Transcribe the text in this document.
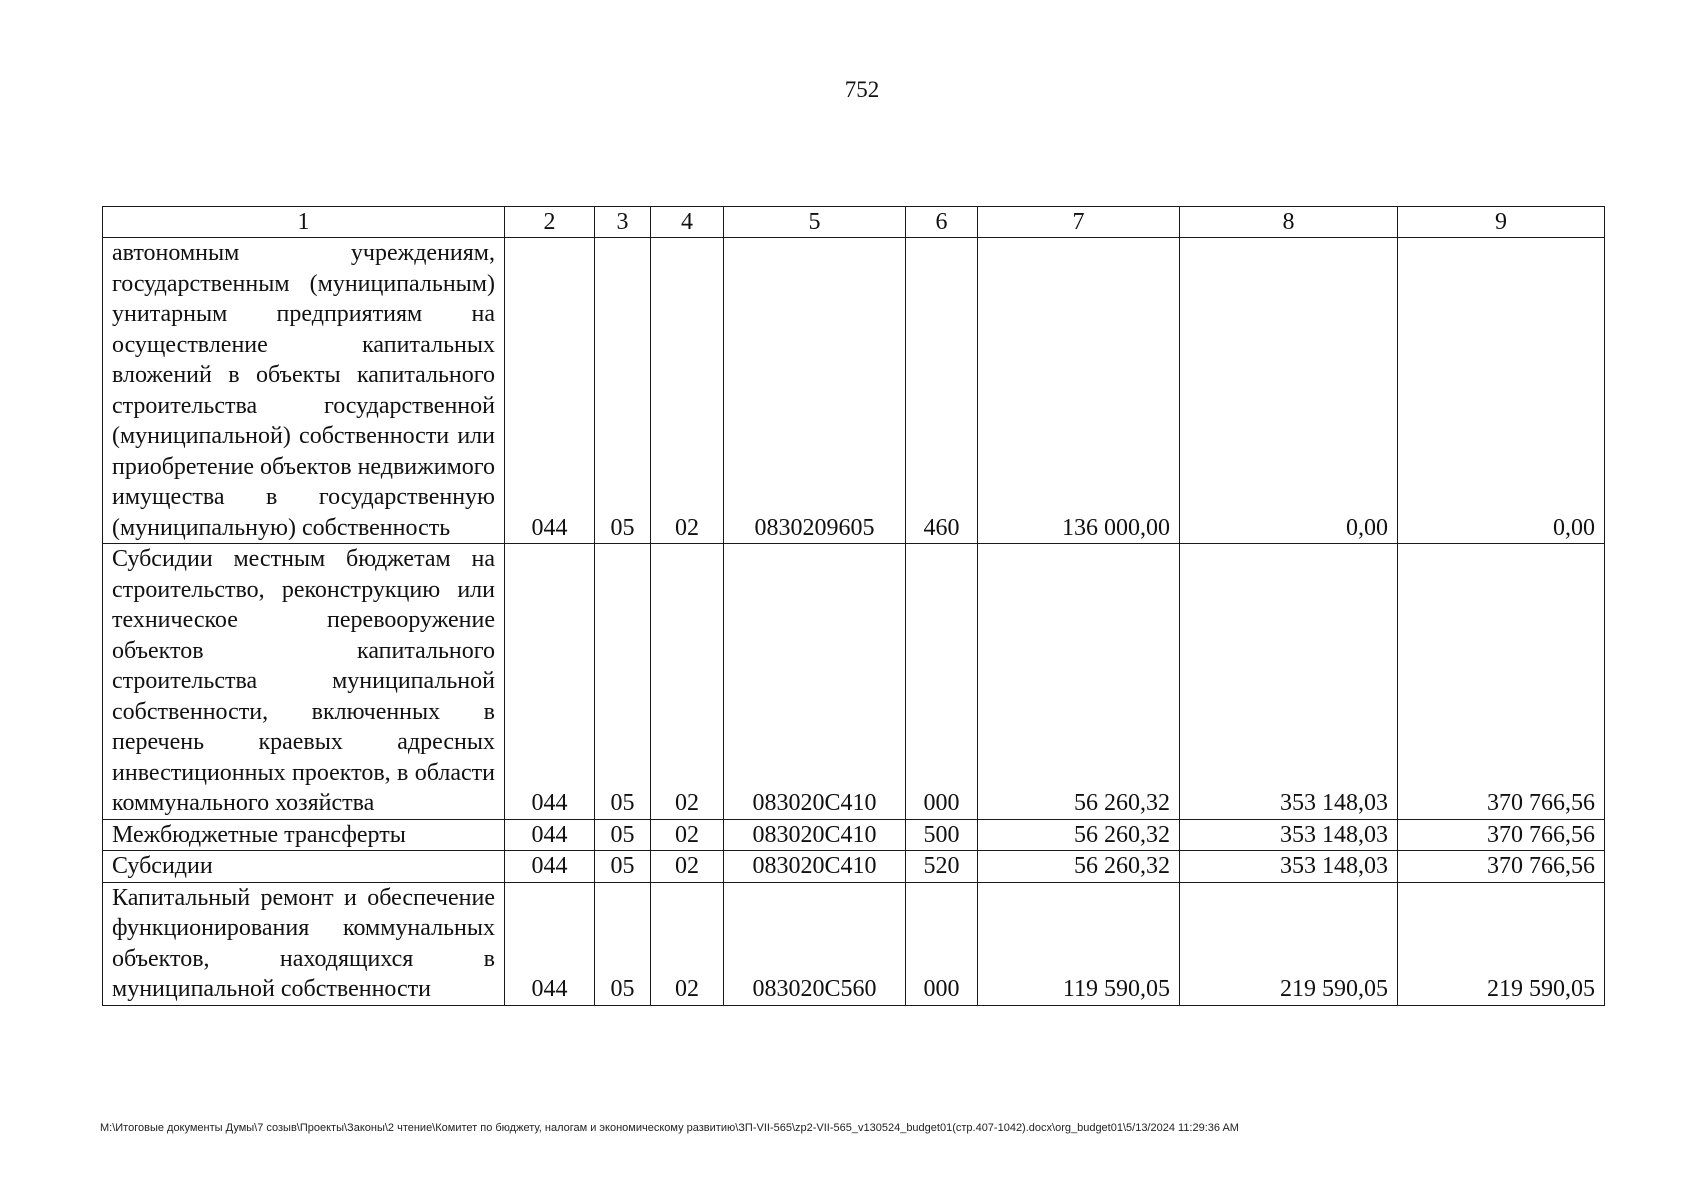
752
1	2	3	4	5	6	7	8	9
автономным учреждениям, государственным (муниципальным) унитарным предприятиям на осуществление капитальных вложений в объекты капитального строительства государственной (муниципальной) собственности или приобретение объектов недвижимого имущества в государственную (муниципальную) собственность	044	05	02	0830209605	460	136 000,00	0,00	0,00
Субсидии местным бюджетам на строительство, реконструкцию или техническое перевооружение объектов капитального строительства муниципальной собственности, включенных в перечень краевых адресных инвестиционных проектов, в области коммунального хозяйства	044	05	02	083020С410	000	56 260,32	353 148,03	370 766,56
Межбюджетные трансферты	044	05	02	083020С410	500	56 260,32	353 148,03	370 766,56
Субсидии	044	05	02	083020С410	520	56 260,32	353 148,03	370 766,56
Капитальный ремонт и обеспечение функционирования коммунальных объектов, находящихся в муниципальной собственности	044	05	02	083020С560	000	119 590,05	219 590,05	219 590,05
М:\Итоговые документы Думы\7 созыв\Проекты\Законы\2 чтение\Комитет по бюджету, налогам и экономическому развитию\ЗП-VII-565\zp2-VII-565_v130524_budget01(стр.407-1042).docx\org_budget01\5/13/2024 11:29:36 AM
